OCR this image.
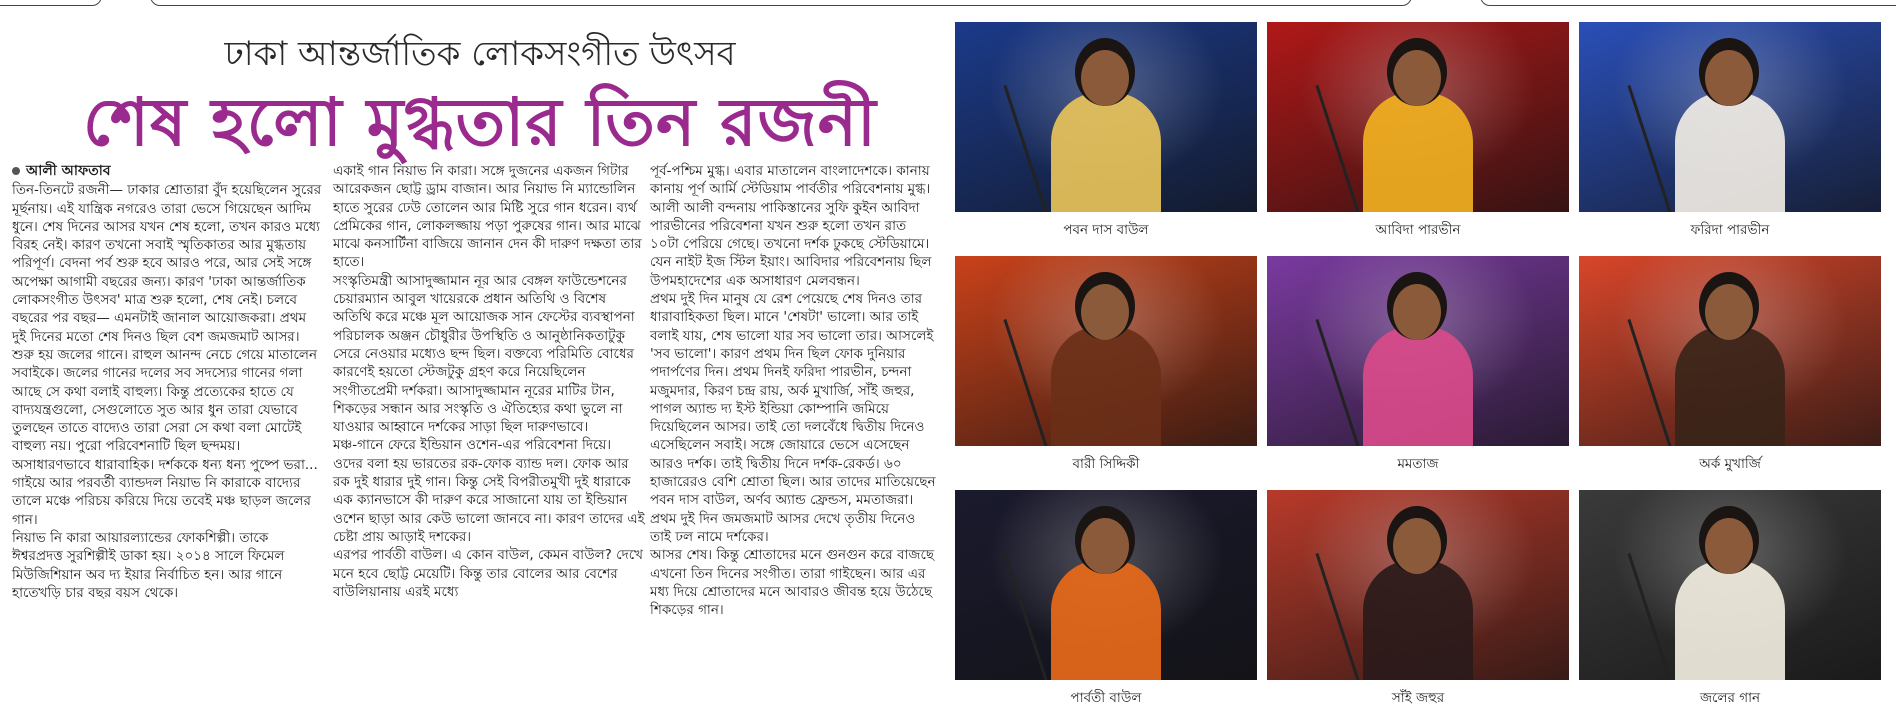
ঢাকা আন্তর্জাতিক লোকসংগীত উৎসব
শেষ হলো মুগ্ধতার তিন রজনী
আলী আফতাব

তিন-তিনটে রজনী— ঢাকার শ্রোতারা বুঁদ হয়েছিলেন সুরের মূর্ছনায়। এই যান্ত্রিক নগরেও তারা ভেসে গিয়েছেন আদিম ধুনে। শেষ দিনের আসর যখন শেষ হলো, তখন কারও মধ্যে বিরহ নেই। কারণ তখনো সবাই স্মৃতিকাতর আর মুগ্ধতায় পরিপূর্ণ। বেদনা পর্ব শুরু হবে আরও পরে, আর সেই সঙ্গে অপেক্ষা আগামী বছরের জন্য। কারণ 'ঢাকা আন্তর্জাতিক লোকসংগীত উৎসব' মাত্র শুরু হলো, শেষ নেই। চলবে বছরের পর বছর— এমনটাই জানাল আয়োজকরা। প্রথম দুই দিনের মতো শেষ দিনও ছিল বেশ জমজমাট আসর।

শুরু হয় জলের গানে। রাহুল আনন্দ নেচে গেয়ে মাতালেন সবাইকে। জলের গানের দলের সব সদস্যের গানের গলা আছে সে কথা বলাই বাহুল্য। কিন্তু প্রত্যেকের হাতে যে বাদ্যযন্ত্রগুলো, সেগুলোতে সুত আর ধুন তারা যেভাবে তুলছেন তাতে বাদ্যেও তারা সেরা সে কথা বলা মোটেই বাহুল্য নয়। পুরো পরিবেশনাটি ছিল ছন্দময়। অসাধারণভাবে ধারাবাহিক। দর্শককে ধন্য ধন্য পুষ্পে ভরা... গাইয়ে আর পরবর্তী ব্যান্ডদল নিয়াভ নি কারাকে বাদ্যের তালে মঞ্চে পরিচয় করিয়ে দিয়ে তবেই মঞ্চ ছাড়ল জলের গান।

নিয়াভ নি কারা আয়ারল্যান্ডের ফোকশিল্পী। তাকে ঈশ্বরপ্রদত্ত সুরশিল্পীই ডাকা হয়। ২০১৪ সালে ফিমেল মিউজিশিয়ান অব দ্য ইয়ার নির্বাচিত হন। আর গানে হাতেখড়ি চার বছর বয়স থেকে।

একাই গান নিয়াভ নি কারা। সঙ্গে দুজনের একজন গিটার আরেকজন ছোট্ট ড্রাম বাজান। আর নিয়াভ নি ম্যান্ডোলিন হাতে সুরের ঢেউ তোলেন আর মিষ্টি সুরে গান ধরেন। ব্যর্থ প্রেমিকের গান, লোকলজ্জায় পড়া পুরুষের গান। আর মাঝে মাঝে কনসার্টিনা বাজিয়ে জানান দেন কী দারুণ দক্ষতা তার হাতে।

সংস্কৃতিমন্ত্রী আসাদুজ্জামান নূর আর বেঙ্গল ফাউন্ডেশনের চেয়ারম্যান আবুল খায়েরকে প্রধান অতিথি ও বিশেষ অতিথি করে মঞ্চে মূল আয়োজক সান ফেস্টের ব্যবস্থাপনা পরিচালক অঞ্জন চৌধুরীর উপস্থিতি ও আনুষ্ঠানিকতাটুকু সেরে নেওয়ার মধ্যেও ছন্দ ছিল। বক্তব্যে পরিমিতি বোধের কারণেই হয়তো স্টেজটুকু গ্রহণ করে নিয়েছিলেন সংগীতপ্রেমী দর্শকরা। আসাদুজ্জামান নূরের মাটির টান, শিকড়ের সন্ধান আর সংস্কৃতি ও ঐতিহ্যের কথা ভুলে না যাওয়ার আহ্বানে দর্শকের সাড়া ছিল দারুণভাবে।

মঞ্চ-গানে ফেরে ইন্ডিয়ান ওশেন-এর পরিবেশনা দিয়ে। ওদের বলা হয় ভারতের রক-ফোক ব্যান্ড দল। ফোক আর রক দুই ধারার দুই গান। কিন্তু সেই বিপরীতমুখী দুই ধারাকে এক ক্যানভাসে কী দারুণ করে সাজানো যায় তা ইন্ডিয়ান ওশেন ছাড়া আর কেউ ভালো জানবে না। কারণ তাদের এই চেষ্টা প্রায় আড়াই দশকের।

এরপর পার্বতী বাউল। এ কোন বাউল, কেমন বাউল? দেখে মনে হবে ছোট্ট মেয়েটি। কিন্তু তার বোলের আর বেশের বাউলিয়ানায় এরই মধ্যে

পূর্ব-পশ্চিম মুগ্ধ। এবার মাতালেন বাংলাদেশকে। কানায় কানায় পূর্ণ আর্মি স্টেডিয়াম পার্বতীর পরিবেশনায় মুগ্ধ।

আলী আলী বন্দনায় পাকিস্তানের সুফি কুইন আবিদা পারভীনের পরিবেশনা যখন শুরু হলো তখন রাত ১০টা পেরিয়ে গেছে। তখনো দর্শক ঢুকছে স্টেডিয়ামে। যেন নাইট ইজ স্টিল ইয়াং। আবিদার পরিবেশনায় ছিল উপমহাদেশের এক অসাধারণ মেলবন্ধন।

প্রথম দুই দিন মানুষ যে রেশ পেয়েছে শেষ দিনও তার ধারাবাহিকতা ছিল। মানে 'শেষটা' ভালো। আর তাই বলাই যায়, শেষ ভালো যার সব ভালো তার। আসলেই 'সব ভালো'। কারণ প্রথম দিন ছিল ফোক দুনিয়ার পদার্পণের দিন। প্রথম দিনই ফরিদা পারভীন, চন্দনা মজুমদার, কিরণ চন্দ্র রায়, অর্ক মুখার্জি, সাঁই জহুর, পাগল অ্যান্ড দ্য ইস্ট ইন্ডিয়া কোম্পানি জমিয়ে দিয়েছিলেন আসর। তাই তো দলবেঁধে দ্বিতীয় দিনেও এসেছিলেন সবাই। সঙ্গে জোয়ারে ভেসে এসেছেন আরও দর্শক। তাই দ্বিতীয় দিনে দর্শক-রেকর্ড। ৬০ হাজারেরও বেশি শ্রোতা ছিল। আর তাদের মাতিয়েছেন পবন দাস বাউল, অর্ণব অ্যান্ড ফ্রেন্ডস, মমতাজরা।

প্রথম দুই দিন জমজমাট আসর দেখে তৃতীয় দিনেও তাই ঢল নামে দর্শকের।

আসর শেষ। কিন্তু শ্রোতাদের মনে গুনগুন করে বাজছে এখনো তিন দিনের সংগীত। তারা গাইছেন। আর এর মধ্য দিয়ে শ্রোতাদের মনে আবারও জীবন্ত হয়ে উঠেছে শিকড়ের গান।

পবন দাস বাউল	আবিদা পারভীন	ফরিদা পারভীন
বারী সিদ্দিকী	মমতাজ	অর্ক মুখার্জি
পার্বতী বাউল	সাঁই জহুর	জলের গান
